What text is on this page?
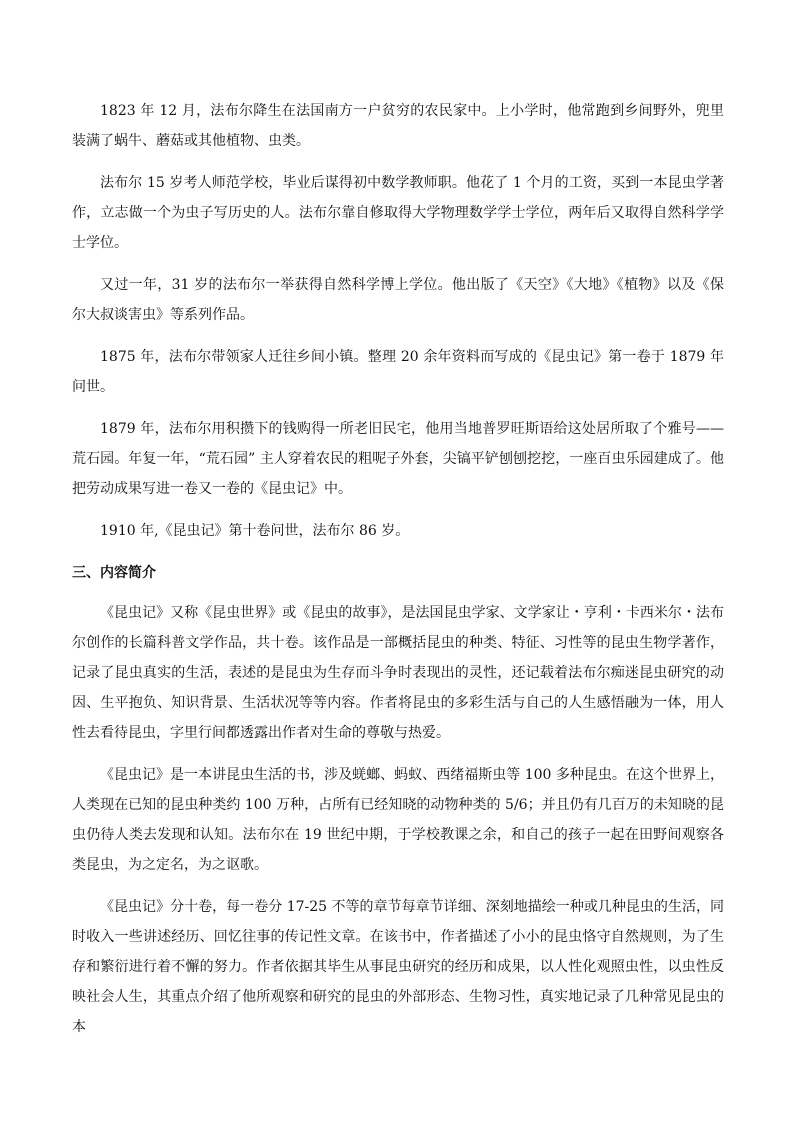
1823 年 12 月，法布尔降生在法国南方一户贫穷的农民家中。上小学时，他常跑到乡间野外，兜里装满了蜗牛、蘑菇或其他植物、虫类。

法布尔 15 岁考人师范学校，毕业后谋得初中数学教师职。他花了 1 个月的工资，买到一本昆虫学著作，立志做一个为虫子写历史的人。法布尔靠自修取得大学物理数学学士学位，两年后又取得自然科学学士学位。

又过一年，31 岁的法布尔一举获得自然科学博上学位。他出版了《天空》《大地》《植物》以及《保尔大叔谈害虫》等系列作品。

1875 年，法布尔带领家人迁往乡间小镇。整理 20 余年资料而写成的《昆虫记》第一卷于 1879 年问世。

1879 年，法布尔用积攒下的钱购得一所老旧民宅，他用当地普罗旺斯语给这处居所取了个雅号——荒石园。年复一年，“荒石园” 主人穿着农民的粗呢子外套，尖镐平铲刨刨挖挖，一座百虫乐园建成了。他把劳动成果写进一卷又一卷的《昆虫记》中。

1910 年,《昆虫记》第十卷问世，法布尔 86 岁。

三、内容简介

《昆虫记》又称《昆虫世界》或《昆虫的故事》，是法国昆虫学家、文学家让・亨利・卡西米尔・法布尔创作的长篇科普文学作品，共十卷。该作品是一部概括昆虫的种类、特征、习性等的昆虫生物学著作，记录了昆虫真实的生活，表述的是昆虫为生存而斗争时表现出的灵性，还记载着法布尔痴迷昆虫研究的动因、生平抱负、知识背景、生活状况等等内容。作者将昆虫的多彩生活与自己的人生感悟融为一体，用人性去看待昆虫，字里行间都透露出作者对生命的尊敬与热爱。

《昆虫记》是一本讲昆虫生活的书，涉及蜣螂、蚂蚁、西绪福斯虫等 100 多种昆虫。在这个世界上，人类现在已知的昆虫种类约 100 万种，占所有已经知晓的动物种类的 5/6；并且仍有几百万的未知晓的昆虫仍待人类去发现和认知。法布尔在 19 世纪中期，于学校教课之余，和自己的孩子一起在田野间观察各类昆虫，为之定名，为之讴歌。

《昆虫记》分十卷，每一卷分 17-25 不等的章节每章节详细、深刻地描绘一种或几种昆虫的生活，同时收入一些讲述经历、回忆往事的传记性文章。在该书中，作者描述了小小的昆虫恪守自然规则，为了生存和繁衍进行着不懈的努力。作者依据其毕生从事昆虫研究的经历和成果，以人性化观照虫性，以虫性反映社会人生，其重点介绍了他所观察和研究的昆虫的外部形态、生物习性，真实地记录了几种常见昆虫的本
